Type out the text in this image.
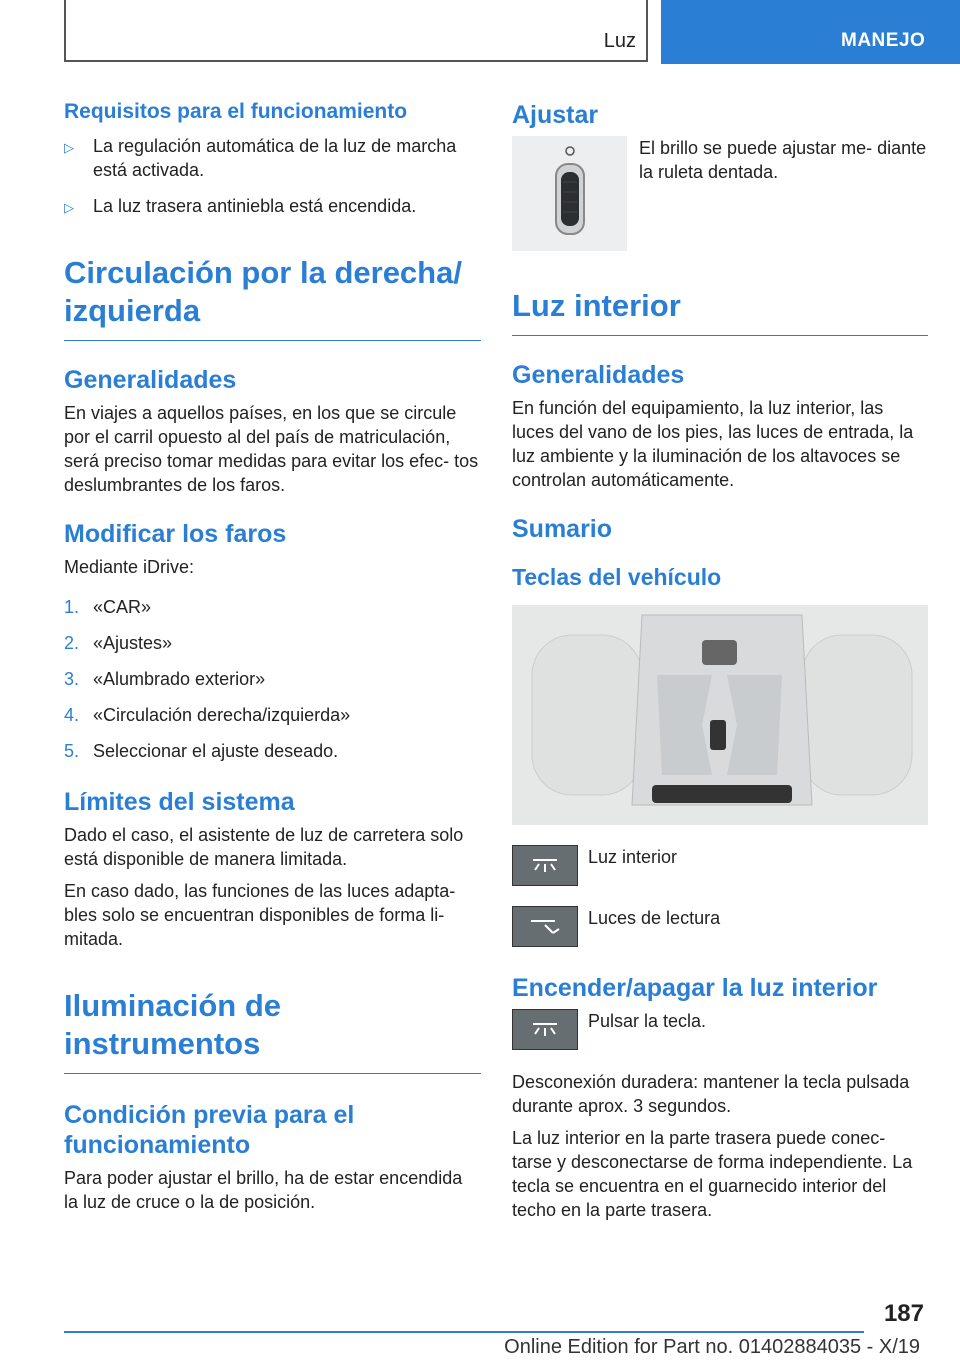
Luz	MANEJO
Requisitos para el funcionamiento
▷	La regulación automática de la luz de marcha está activada.
▷	La luz trasera antiniebla está encendida.
Circulación por la derecha/
izquierda
Generalidades

En viajes a aquellos países, en los que se circule por el carril opuesto al del país de matriculación, será preciso tomar medidas para evitar los efec- tos deslumbrantes de los faros.

Modificar los faros

Mediante iDrive:

1. «CAR»
2. «Ajustes»
3. «Alumbrado exterior»
4. «Circulación derecha/izquierda»
5. Seleccionar el ajuste deseado.
Límites del sistema

Dado el caso, el asistente de luz de carretera solo está disponible de manera limitada.

En caso dado, las funciones de las luces adapta- bles solo se encuentran disponibles de forma li- mitada.

Iluminación de
instrumentos
Condición previa para el funcionamiento

Para poder ajustar el brillo, ha de estar encendida la luz de cruce o la de posición.

Ajustar

El brillo se puede ajustar me- diante la ruleta dentada.

Luz interior
Generalidades

En función del equipamiento, la luz interior, las luces del vano de los pies, las luces de entrada, la luz ambiente y la iluminación de los altavoces se controlan automáticamente.

Sumario
Teclas del vehículo

Luz interior

Luces de lectura

Encender/apagar la luz interior

Pulsar la tecla.

Desconexión duradera: mantener la tecla pulsada durante aprox. 3 segundos.

La luz interior en la parte trasera puede conec- tarse y desconectarse de forma independiente. La tecla se encuentra en el guarnecido interior del techo en la parte trasera.

187
Online Edition for Part no. 01402884035 - X/19
